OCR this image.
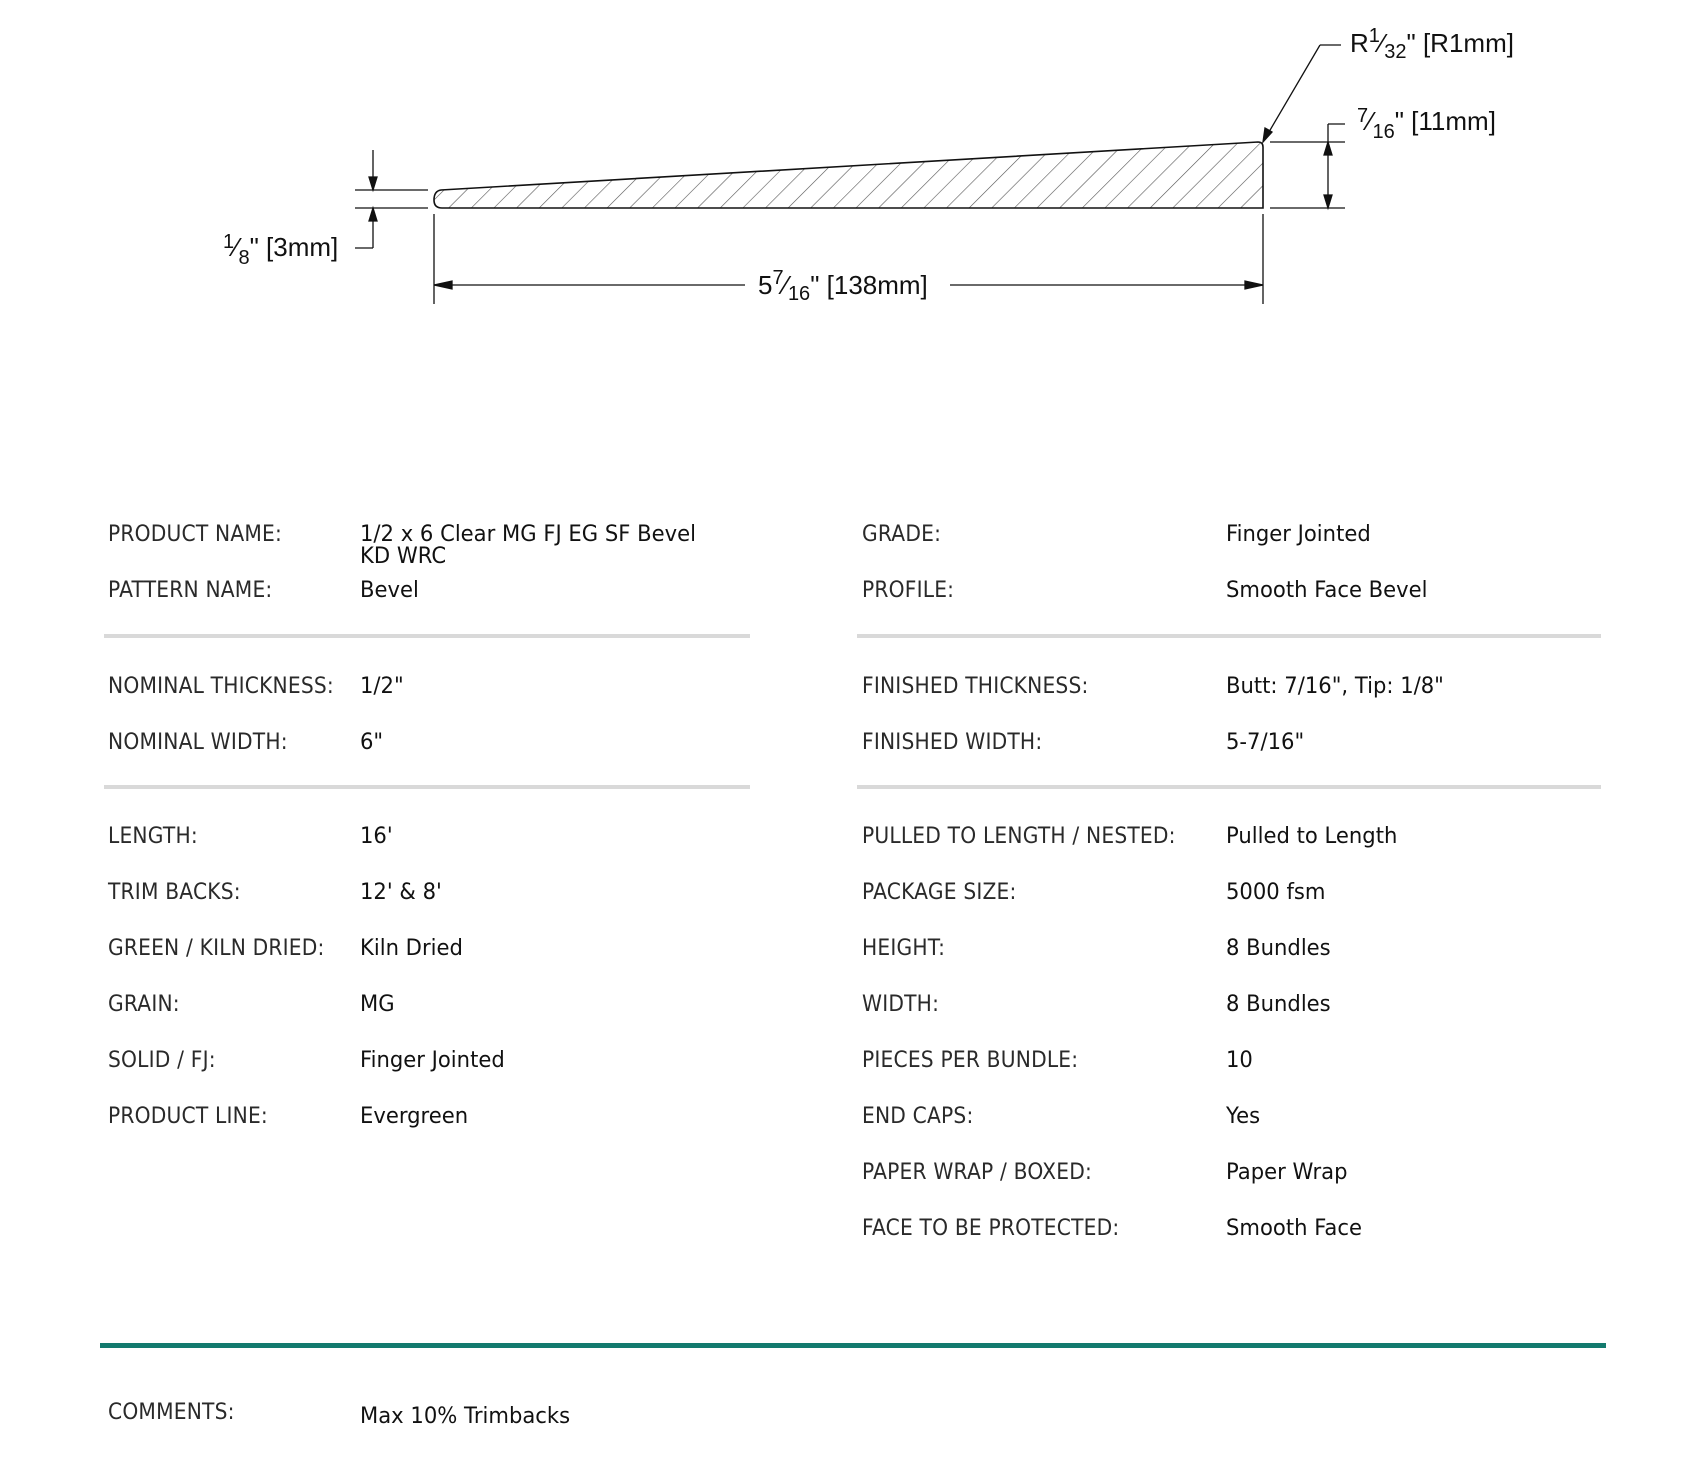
$^1⁄_8$" [3mm]
$5^7⁄_{16}$" [138mm]
$^7⁄_{16}$" [11mm]
$R^1⁄_{32}$" [R1mm]
PRODUCT NAME:	1/2 x 6 Clear MG FJ EG SF Bevel KD WRC
PATTERN NAME:	Bevel
NOMINAL THICKNESS: 1/2"
NOMINAL WIDTH:	6"
LENGTH:	16'
TRIM BACKS:	12' & 8'
GREEN / KILN DRIED: Kiln Dried
GRAIN:	MG
SOLID / FJ:	Finger Jointed
PRODUCT LINE:	Evergreen
GRADE:	Finger Jointed
PROFILE:	Smooth Face Bevel
FINISHED THICKNESS:	Butt: 7/16", Tip: 1/8"
FINISHED WIDTH:	5-7/16"
PULLED TO LENGTH / NESTED: Pulled to Length
PACKAGE SIZE:	5000 fsm
HEIGHT:	8 Bundles
WIDTH:	8 Bundles
PIECES PER BUNDLE:	10
END CAPS:	Yes
PAPER WRAP / BOXED:	Paper Wrap
FACE TO BE PROTECTED:	Smooth Face
COMMENTS:	Max 10% Trimbacks
